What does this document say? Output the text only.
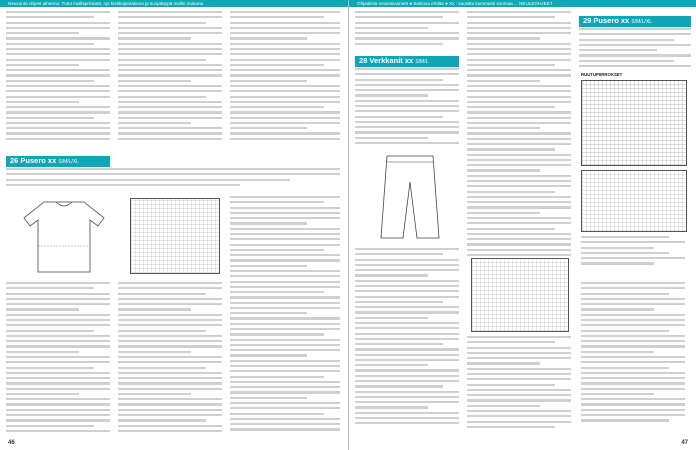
Neuvonta ohjeet aiheena: Tutut mallisprinkatit, nyt kiekkojentakana ja suojaleppä mallin mukana
26 Pusero xx S/M/L/XL
46
Ohjaalista neulesivuineet ● Seisova ehdää ● Xx : suosittu kommasti suomaa ... NEULEOHJEET
28 Verkkanit xx S/M/L
29 Pusero xx S/M/L/XL
RUUTUPIIRROKSET
47
